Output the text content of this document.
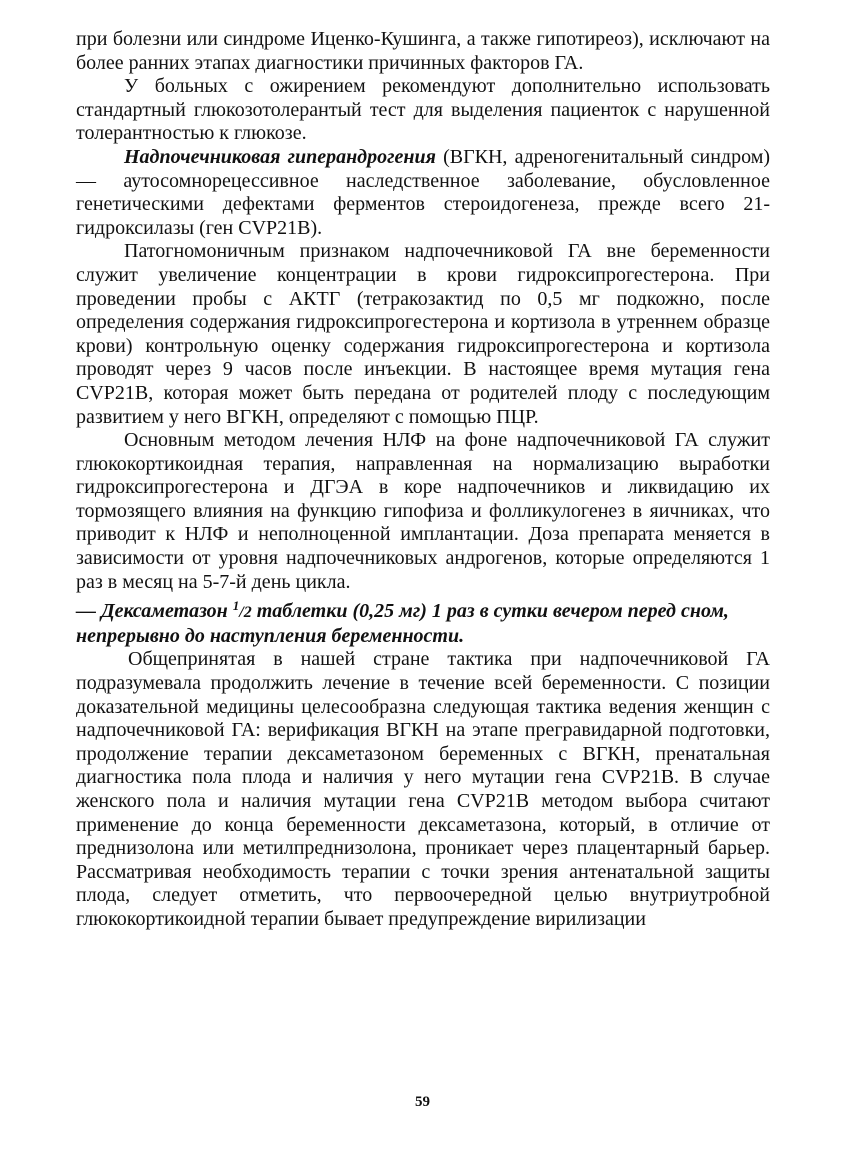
при болезни или синдроме Иценко-Кушинга, а также гипотиреоз), исключают на более ранних этапах диагностики причинных факторов ГА.

У больных с ожирением рекомендуют дополнительно использовать стандартный глюкозотолерантый тест для выделения пациенток с нарушенной толерантностью к глюкозе.

Надпочечниковая гиперандрогения (ВГКН, адреногенитальный синдром) — аутосомнорецессивное наследственное заболевание, обусловленное генетическими дефектами ферментов стероидогенеза, прежде всего 21-гидроксилазы (ген CVP21B).

Патогномоничным признаком надпочечниковой ГА вне беременности служит увеличение концентрации в крови гидроксипрогестерона. При проведении пробы с АКТГ (тетракозактид по 0,5 мг подкожно, после определения содержания гидроксипрогестерона и кортизола в утреннем образце крови) контрольную оценку содержания гидроксипрогестерона и кортизола проводят через 9 часов после инъекции. В настоящее время мутация гена CVP21B, которая может быть передана от родителей плоду с последующим развитием у него ВГКН, определяют с помощью ПЦР.

Основным методом лечения НЛФ на фоне надпочечниковой ГА служит глюкокортикоидная терапия, направленная на нормализацию выработки гидроксипрогестерона и ДГЭА в коре надпочечников и ликвидацию их тормозящего влияния на функцию гипофиза и фолликулогенез в яичниках, что приводит к НЛФ и неполноценной имплантации. Доза препарата меняется в зависимости от уровня надпочечниковых андрогенов, которые определяются 1 раз в месяц на 5-7-й день цикла.

— Дексаметазон $^1$/2 таблетки (0,25 мг) 1 раз в сутки вечером перед сном, непрерывно до наступления беременности.

Общепринятая в нашей стране тактика при надпочечниковой ГА подразумевала продолжить лечение в течение всей беременности. С позиции доказательной медицины целесообразна следующая тактика ведения женщин с надпочечниковой ГА: верификация ВГКН на этапе прегравидарной подготовки, продолжение терапии дексаметазоном беременных с ВГКН, пренатальная диагностика пола плода и наличия у него мутации гена CVP21B. В случае женского пола и наличия мутации гена CVP21B методом выбора считают применение до конца беременности дексаметазона, который, в отличие от преднизолона или метилпреднизолона, проникает через плацентарный барьер. Рассматривая необходимость терапии с точки зрения антенатальной защиты плода, следует отметить, что первоочередной целью внутриутробной глюкокортикоидной терапии бывает предупреждение вирилизации

59
